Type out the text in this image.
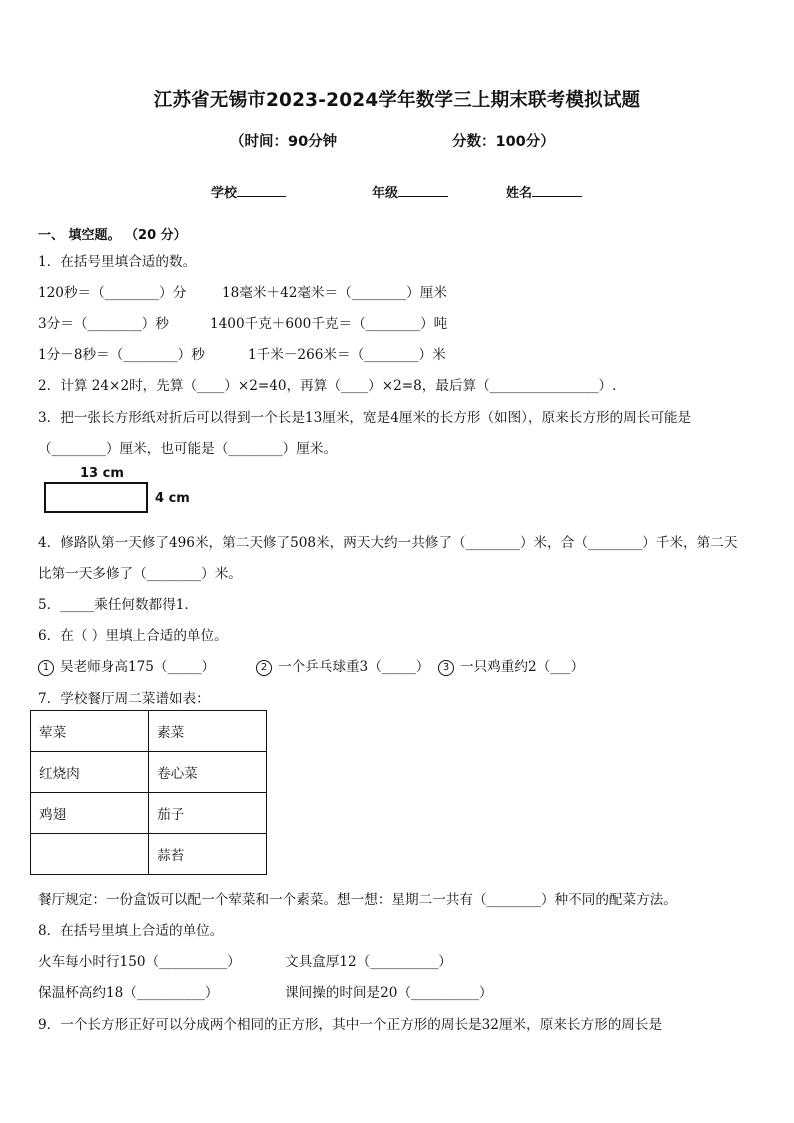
江苏省无锡市2023-2024学年数学三上期末联考模拟试题
（时间：90分钟	分数：100分）
学校	年级	姓名
一、 填空题。 （20 分）
1．在括号里填合适的数。
120秒＝（________）分	18毫米＋42毫米＝（________）厘米
3分＝（________）秒	1400千克＋600千克＝（________）吨
1分－8秒＝（________）秒	1千米－266米＝（________）米
2．计算 24×2时，先算（____）×2=40，再算（____）×2=8，最后算（________________）.
3．把一张长方形纸对折后可以得到一个长是13厘米，宽是4厘米的长方形（如图），原来长方形的周长可能是
（________）厘米，也可能是（________）厘米。
13 cm
4 cm
4．修路队第一天修了496米，第二天修了508米，两天大约一共修了（________）米，合（________）千米，第二天
比第一天多修了（________）米。
5．_____乘任何数都得1．
6．在（ ）里填上合适的单位。
1 吴老师身高175（_____）	2 一个乒乓球重3（_____）	3 一只鸡重约2（___）
7．学校餐厅周二菜谱如表：
荤菜	素菜
红烧肉	卷心菜
鸡翅	茄子
	蒜苔
餐厅规定：一份盒饭可以配一个荤菜和一个素菜。想一想：星期二一共有（________）种不同的配菜方法。
8．在括号里填上合适的单位。
火车每小时行150（__________）	文具盒厚12（__________）
保温杯高约18（__________）	课间操的时间是20（__________）
9．一个长方形正好可以分成两个相同的正方形，其中一个正方形的周长是32厘米，原来长方形的周长是
